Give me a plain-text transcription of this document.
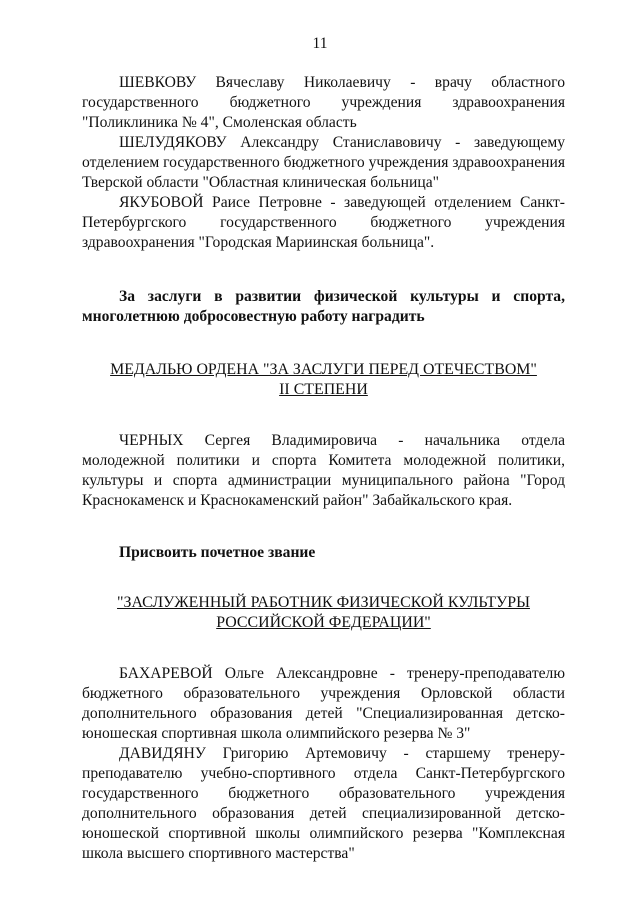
11

ШЕВКОВУ Вячеславу Николаевичу - врачу областного государственного бюджетного учреждения здравоохранения "Поликлиника № 4", Смоленская область

ШЕЛУДЯКОВУ Александру Станиславовичу - заведующему отделением государственного бюджетного учреждения здравоохранения Тверской области "Областная клиническая больница"

ЯКУБОВОЙ Раисе Петровне - заведующей отделением Санкт-Петербургского государственного бюджетного учреждения здравоохранения "Городская Мариинская больница".

За заслуги в развитии физической культуры и спорта, многолетнюю добросовестную работу наградить

МЕДАЛЬЮ ОРДЕНА "ЗА ЗАСЛУГИ ПЕРЕД ОТЕЧЕСТВОМ"

II СТЕПЕНИ

ЧЕРНЫХ Сергея Владимировича - начальника отдела молодежной политики и спорта Комитета молодежной политики, культуры и спорта администрации муниципального района "Город Краснокаменск и Краснокаменский район" Забайкальского края.

Присвоить почетное звание

"ЗАСЛУЖЕННЫЙ РАБОТНИК ФИЗИЧЕСКОЙ КУЛЬТУРЫ

РОССИЙСКОЙ ФЕДЕРАЦИИ"

БАХАРЕВОЙ Ольге Александровне - тренеру-преподавателю бюджетного образовательного учреждения Орловской области дополнительного образования детей "Специализированная детско-юношеская спортивная школа олимпийского резерва № 3"

ДАВИДЯНУ Григорию Артемовичу - старшему тренеру-преподавателю учебно-спортивного отдела Санкт-Петербургского государственного бюджетного образовательного учреждения дополнительного образования детей специализированной детско-юношеской спортивной школы олимпийского резерва "Комплексная школа высшего спортивного мастерства"
